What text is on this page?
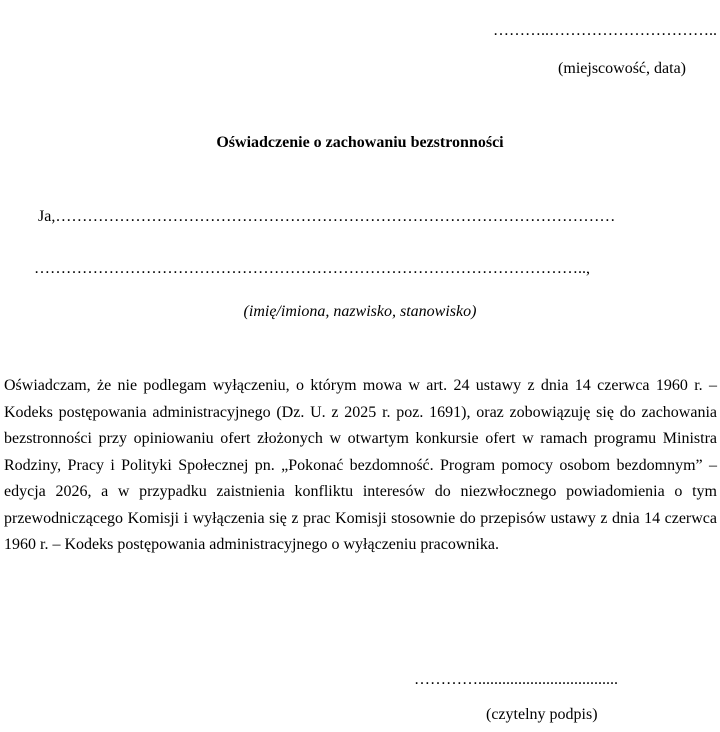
………..…………………………..
(miejscowość, data)
Oświadczenie o zachowaniu bezstronności
Ja,……………………………………………………………………………………………
…………………………………………………………………………………………..,
(imię/imiona, nazwisko, stanowisko)
Oświadczam, że nie podlegam wyłączeniu, o którym mowa w art. 24 ustawy z dnia 14 czerwca 1960 r. – Kodeks postępowania administracyjnego (Dz. U. z 2025 r. poz. 1691), oraz zobowiązuję się do zachowania bezstronności przy opiniowaniu ofert złożonych w otwartym konkursie ofert w ramach programu Ministra Rodziny, Pracy i Polityki Społecznej pn. „Pokonać bezdomność. Program pomocy osobom bezdomnym” – edycja 2026, a w przypadku zaistnienia konfliktu interesów do niezwłocznego powiadomienia o tym przewodniczącego Komisji i wyłączenia się z prac Komisji stosownie do przepisów ustawy z dnia 14 czerwca 1960 r. – Kodeks postępowania administracyjnego o wyłączeniu pracownika.
…………...................................
(czytelny podpis)
